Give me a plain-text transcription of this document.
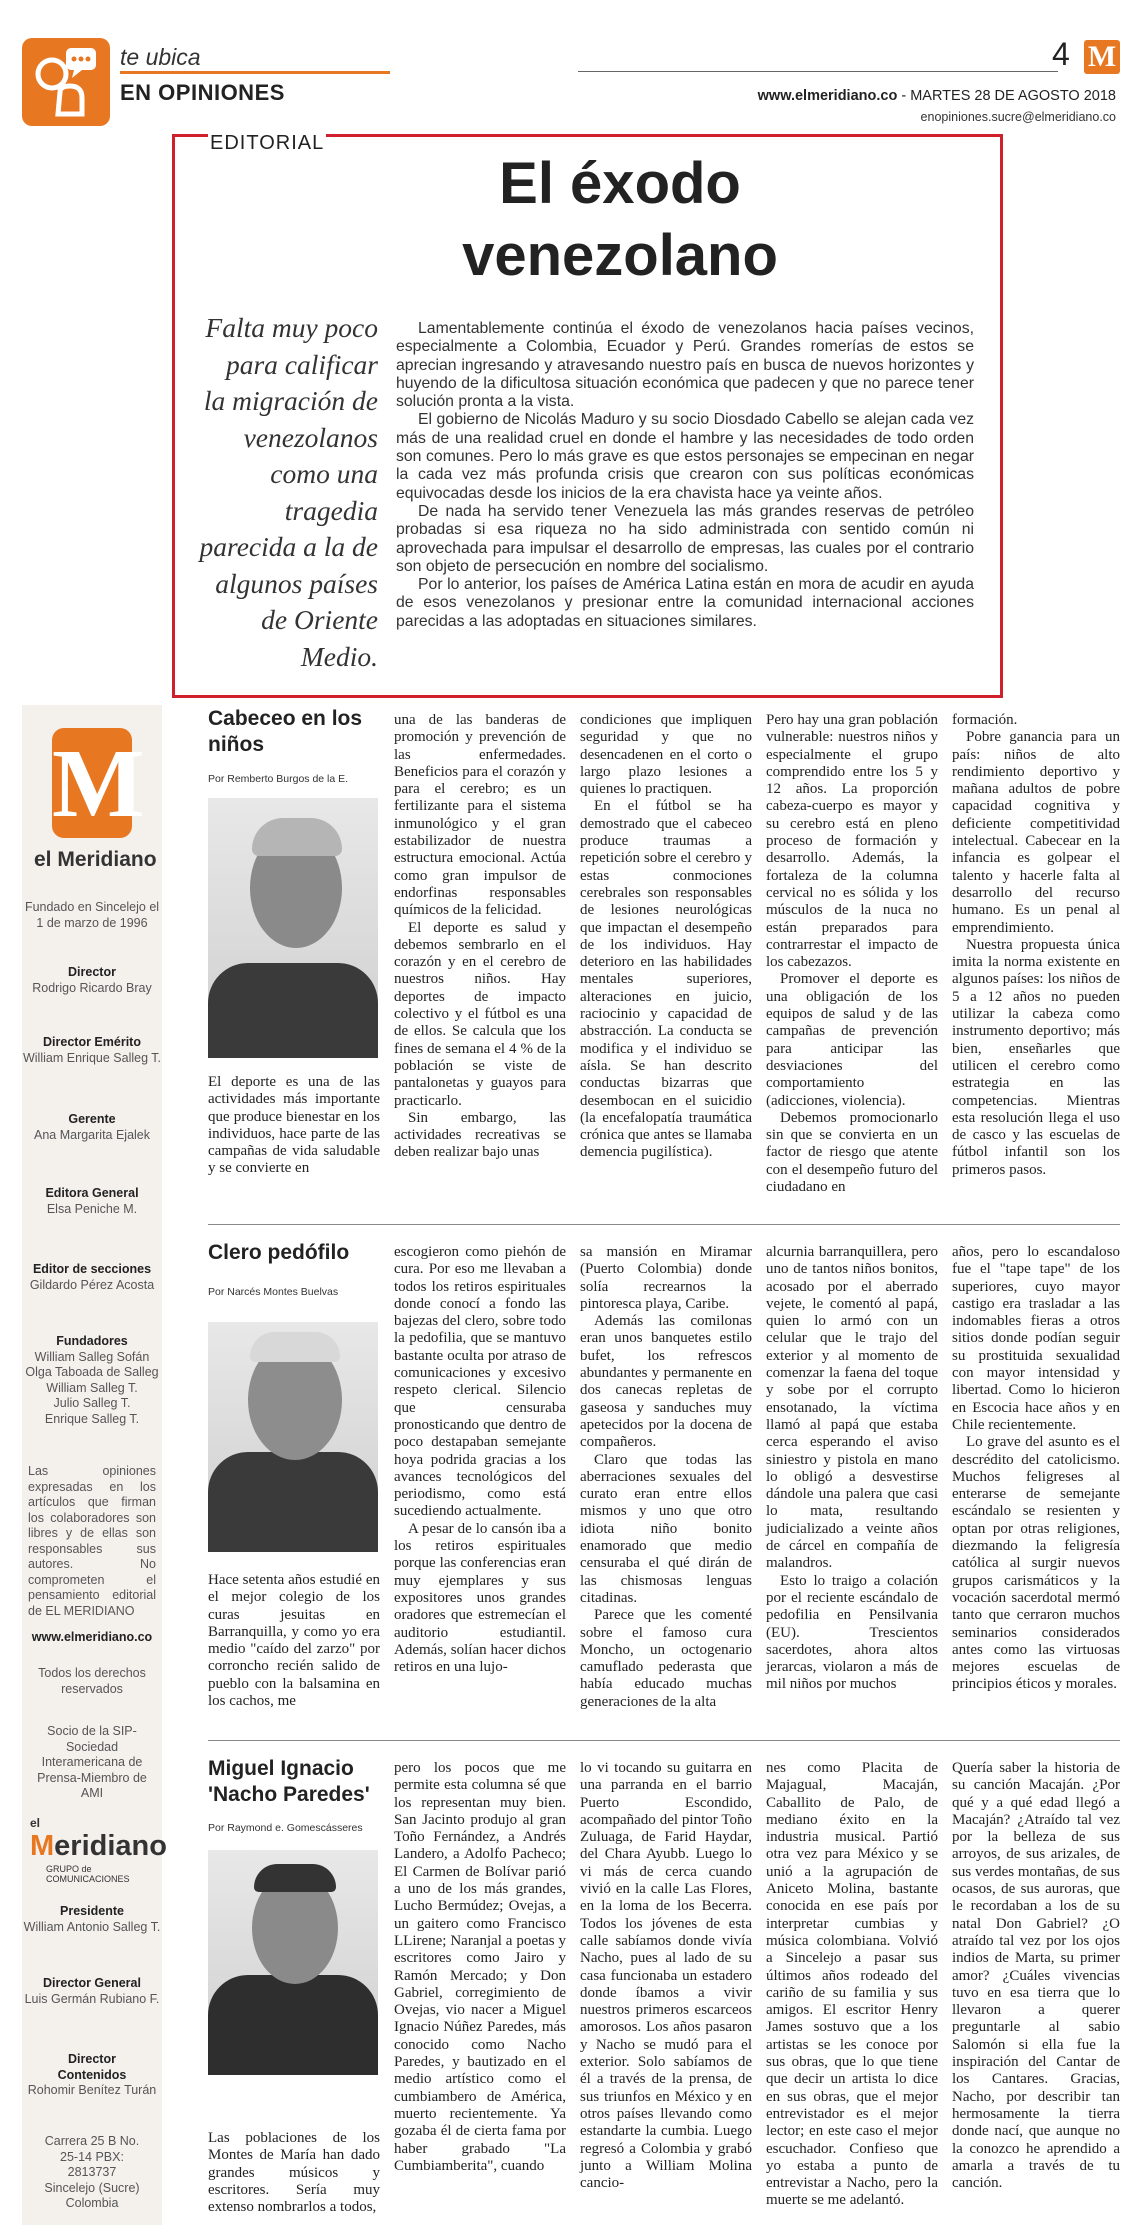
te ubica
EN OPINIONES
4 M
www.elmeridiano.co - MARTES 28 DE AGOSTO 2018
enopiniones.sucre@elmeridiano.co
EDITORIAL
El éxodo venezolano
Falta muy poco para calificar la migración de venezolanos como una tragedia parecida a la de algunos países de Oriente Medio.

Lamentablemente continúa el éxodo de venezolanos hacia países vecinos, especialmente a Colombia, Ecuador y Perú. Grandes romerías de estos se aprecian ingresando y atravesando nuestro país en busca de nuevos horizontes y huyendo de la dificultosa situación económica que padecen y que no parece tener solución pronta a la vista.

El gobierno de Nicolás Maduro y su socio Diosdado Cabello se alejan cada vez más de una realidad cruel en donde el hambre y las necesidades de todo orden son comunes. Pero lo más grave es que estos personajes se empecinan en negar la cada vez más profunda crisis que crearon con sus políticas económicas equivocadas desde los inicios de la era chavista hace ya veinte años.

De nada ha servido tener Venezuela las más grandes reservas de petróleo probadas si esa riqueza no ha sido administrada con sentido común ni aprovechada para impulsar el desarrollo de empresas, las cuales por el contrario son objeto de persecución en nombre del socialismo.

Por lo anterior, los países de América Latina están en mora de acudir en ayuda de esos venezolanos y presionar entre la comunidad internacional acciones parecidas a las adoptadas en situaciones similares.

M
el Meridiano
Fundado en Sincelejo el 1 de marzo de 1996
Director
Rodrigo Ricardo Bray
Director Emérito
William Enrique Salleg T.
Gerente
Ana Margarita Ejalek
Editora General
Elsa Peniche M.
Editor de secciones
Gildardo Pérez Acosta
Fundadores
William Salleg Sofán
Olga Taboada de Salleg
William Salleg T.
Julio Salleg T.
Enrique Salleg T.
Las opiniones expresadas en los artículos que firman los colaboradores son libres y de ellas son responsables sus autores. No comprometen el pensamiento editorial de EL MERIDIANO
www.elmeridiano.co
Todos los derechos reservados
Socio de la SIP-Sociedad Interamericana de Prensa-Miembro de AMI
el
Meridiano
GRUPO de COMUNICACIONES
Presidente
William Antonio Salleg T.
Director General
Luis Germán Rubiano F.
Director Contenidos
Rohomir Benítez Turán
Carrera 25 B No. 25-14 PBX: 2813737 Sincelejo (Sucre) Colombia
Cabeceo en los niños
Por Remberto Burgos de la E.

El deporte es una de las actividades más importante que produce bienestar en los individuos, hace parte de las campañas de vida saludable y se convierte en

una de las banderas de promoción y prevención de las enfermedades. Beneficios para el corazón y para el cerebro; es un fertilizante para el sistema inmunológico y el gran estabilizador de nuestra estructura emocional. Actúa como gran impulsor de endorfinas responsables químicos de la felicidad.

El deporte es salud y debemos sembrarlo en el corazón y en el cerebro de nuestros niños. Hay deportes de impacto colectivo y el fútbol es una de ellos. Se calcula que los fines de semana el 4 % de la población se viste de pantalonetas y guayos para practicarlo.

Sin embargo, las actividades recreativas se deben realizar bajo unas

condiciones que impliquen seguridad y que no desencadenen en el corto o largo plazo lesiones a quienes lo practiquen.

En el fútbol se ha demostrado que el cabeceo produce traumas a repetición sobre el cerebro y estas conmociones cerebrales son responsables de lesiones neurológicas que impactan el desempeño de los individuos. Hay deterioro en las habilidades mentales superiores, alteraciones en juicio, raciocinio y capacidad de abstracción. La conducta se modifica y el individuo se aísla. Se han descrito conductas bizarras que desembocan en el suicidio (la encefalopatía traumática crónica que antes se llamaba demencia pugilística).

Pero hay una gran población vulnerable: nuestros niños y especialmente el grupo comprendido entre los 5 y 12 años. La proporción cabeza-cuerpo es mayor y su cerebro está en pleno proceso de formación y desarrollo. Además, la fortaleza de la columna cervical no es sólida y los músculos de la nuca no están preparados para contrarrestar el impacto de los cabezazos.

Promover el deporte es una obligación de los equipos de salud y de las campañas de prevención para anticipar las desviaciones del comportamiento (adicciones, violencia).

Debemos promocionarlo sin que se convierta en un factor de riesgo que atente con el desempeño futuro del ciudadano en

formación.

Pobre ganancia para un país: niños de alto rendimiento deportivo y mañana adultos de pobre capacidad cognitiva y deficiente competitividad intelectual. Cabecear en la infancia es golpear el talento y hacerle falta al desarrollo del recurso humano. Es un penal al emprendimiento.

Nuestra propuesta única imita la norma existente en algunos países: los niños de 5 a 12 años no pueden utilizar la cabeza como instrumento deportivo; más bien, enseñarles que utilicen el cerebro como estrategia en las competencias. Mientras esta resolución llega el uso de casco y las escuelas de fútbol infantil son los primeros pasos.

Clero pedófilo
Por Narcés Montes Buelvas

Hace setenta años estudié en el mejor colegio de los curas jesuitas en Barranquilla, y como yo era medio "caído del zarzo" por corroncho recién salido de pueblo con la balsamina en los cachos, me

escogieron como piehón de cura. Por eso me llevaban a todos los retiros espirituales donde conocí a fondo las bajezas del clero, sobre todo la pedofilia, que se mantuvo bastante oculta por atraso de comunicaciones y excesivo respeto clerical. Silencio que censuraba pronosticando que dentro de poco destapaban semejante hoya podrida gracias a los avances tecnológicos del periodismo, como está sucediendo actualmente.

A pesar de lo cansón iba a los retiros espirituales porque las conferencias eran muy ejemplares y sus expositores unos grandes oradores que estremecían el auditorio estudiantil. Además, solían hacer dichos retiros en una lujo-

sa mansión en Miramar (Puerto Colombia) donde solía recrearnos la pintoresca playa, Caribe.

Además las comilonas eran unos banquetes estilo bufet, los refrescos abundantes y permanente en dos canecas repletas de gaseosa y sanduches muy apetecidos por la docena de compañeros.

Claro que todas las aberraciones sexuales del curato eran entre ellos mismos y uno que otro idiota niño bonito enamorado que medio censuraba el qué dirán de las chismosas lenguas citadinas.

Parece que les comenté sobre el famoso cura Moncho, un octogenario camuflado pederasta que había educado muchas generaciones de la alta

alcurnia barranquillera, pero uno de tantos niños bonitos, acosado por el aberrado vejete, le comentó al papá, quien lo armó con un celular que le trajo del exterior y al momento de comenzar la faena del toque y sobe por el corrupto ensotanado, la víctima llamó al papá que estaba cerca esperando el aviso siniestro y pistola en mano lo obligó a desvestirse dándole una palera que casi lo mata, resultando judicializado a veinte años de cárcel en compañía de malandros.

Esto lo traigo a colación por el reciente escándalo de pedofilia en Pensilvania (EU). Trescientos sacerdotes, ahora altos jerarcas, violaron a más de mil niños por muchos

años, pero lo escandaloso fue el "tape tape" de los superiores, cuyo mayor castigo era trasladar a las indomables fieras a otros sitios donde podían seguir su prostituida sexualidad con mayor intensidad y libertad. Como lo hicieron en Escocia hace años y en Chile recientemente.

Lo grave del asunto es el descrédito del catolicismo. Muchos feligreses al enterarse de semejante escándalo se resienten y optan por otras religiones, diezmando la feligresía católica al surgir nuevos grupos carismáticos y la vocación sacerdotal mermó tanto que cerraron muchos seminarios considerados antes como las virtuosas mejores escuelas de principios éticos y morales.

Miguel Ignacio 'Nacho Paredes'
Por Raymond e. Gomescásseres

Las poblaciones de los Montes de María han dado grandes músicos y escritores. Sería muy extenso nombrarlos a todos,

pero los pocos que me permite esta columna sé que los representan muy bien. San Jacinto produjo al gran Toño Fernández, a Andrés Landero, a Adolfo Pacheco; El Carmen de Bolívar parió a uno de los más grandes, Lucho Bermúdez; Ovejas, a un gaitero como Francisco LLirene; Naranjal a poetas y escritores como Jairo y Ramón Mercado; y Don Gabriel, corregimiento de Ovejas, vio nacer a Miguel Ignacio Núñez Paredes, más conocido como Nacho Paredes, y bautizado en el medio artístico como el cumbiambero de América, muerto recientemente. Ya gozaba él de cierta fama por haber grabado "La Cumbiamberita", cuando

lo vi tocando su guitarra en una parranda en el barrio Puerto Escondido, acompañado del pintor Toño Zuluaga, de Farid Haydar, del Chara Ayubb. Luego lo vi más de cerca cuando vivió en la calle Las Flores, en la loma de los Becerra. Todos los jóvenes de esta calle sabíamos donde vivía Nacho, pues al lado de su casa funcionaba un estadero donde íbamos a vivir nuestros primeros escarceos amorosos. Los años pasaron y Nacho se mudó para el exterior. Solo sabíamos de él a través de la prensa, de sus triunfos en México y en otros países llevando como estandarte la cumbia. Luego regresó a Colombia y grabó junto a William Molina cancio-

nes como Placita de Majagual, Macaján, Caballito de Palo, de mediano éxito en la industria musical. Partió otra vez para México y se unió a la agrupación de Aniceto Molina, bastante conocida en ese país por interpretar cumbias y música colombiana. Volvió a Sincelejo a pasar sus últimos años rodeado del cariño de su familia y sus amigos. El escritor Henry James sostuvo que a los artistas se les conoce por sus obras, que lo que tiene que decir un artista lo dice en sus obras, que el mejor entrevistador es el mejor lector; en este caso el mejor escuchador. Confieso que yo estaba a punto de entrevistar a Nacho, pero la muerte se me adelantó.

Quería saber la historia de su canción Macaján. ¿Por qué y a qué edad llegó a Macaján? ¿Atraído tal vez por la belleza de sus arroyos, de sus arizales, de sus verdes montañas, de sus ocasos, de sus auroras, que le recordaban a los de su natal Don Gabriel? ¿O atraído tal vez por los ojos indios de Marta, su primer amor? ¿Cuáles vivencias tuvo en esa tierra que lo llevaron a querer preguntarle al sabio Salomón si ella fue la inspiración del Cantar de los Cantares. Gracias, Nacho, por describir tan hermosamente la tierra donde nací, que aunque no la conozco he aprendido a amarla a través de tu canción.
